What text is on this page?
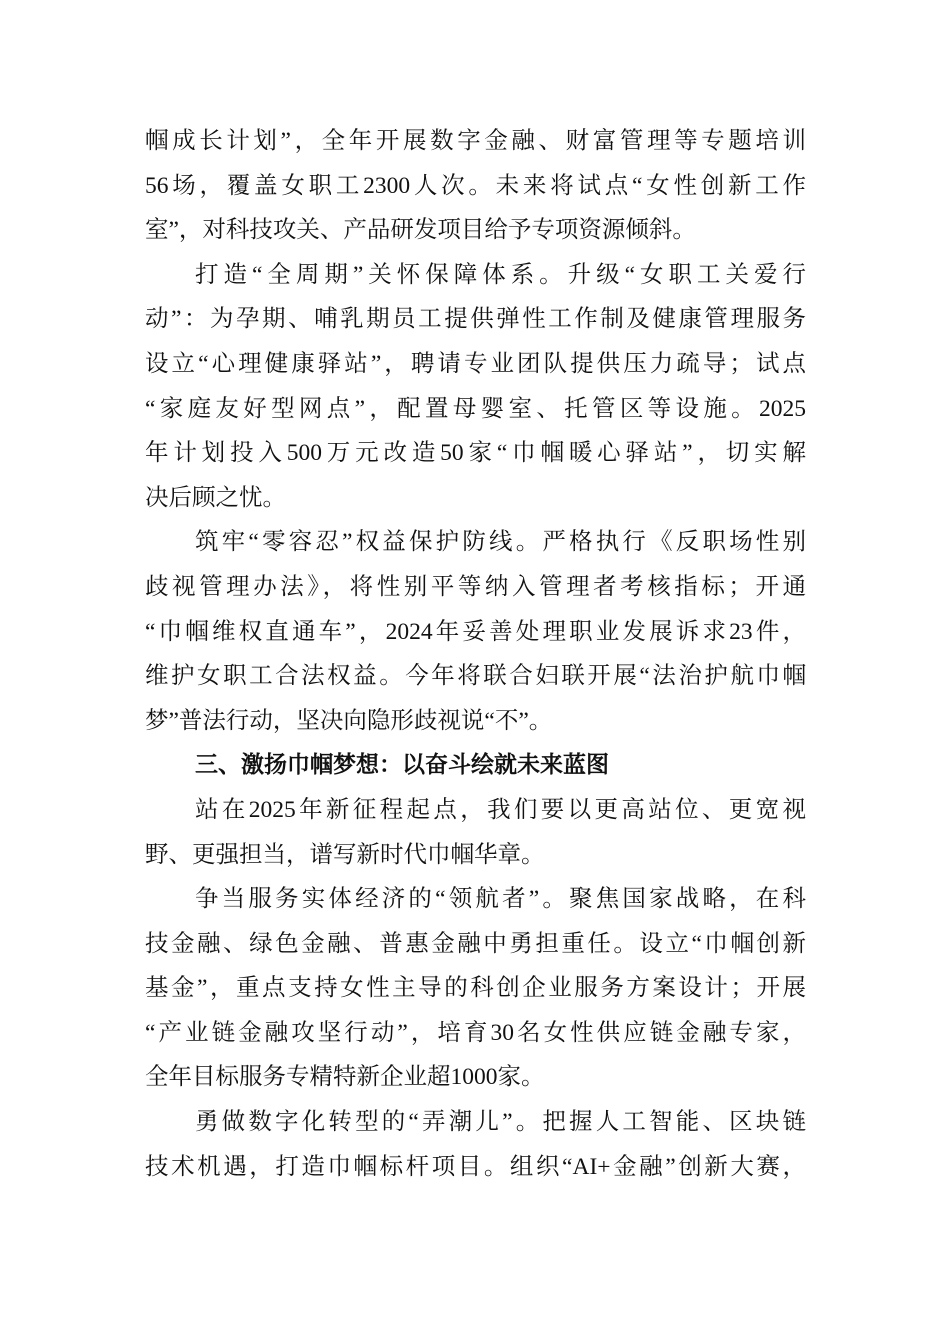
帼成长计划”，全年开展数字金融、财富管理等专题培训
56场，覆盖女职工2300人次。未来将试点“女性创新工作
室”，对科技攻关、产品研发项目给予专项资源倾斜。
打造“全周期”关怀保障体系。升级“女职工关爱行
动”：为孕期、哺乳期员工提供弹性工作制及健康管理服务
设立“心理健康驿站”，聘请专业团队提供压力疏导；试点
“家庭友好型网点”，配置母婴室、托管区等设施。2025
年计划投入500万元改造50家“巾帼暖心驿站”，切实解
决后顾之忧。
筑牢“零容忍”权益保护防线。严格执行《反职场性别
歧视管理办法》，将性别平等纳入管理者考核指标；开通
“巾帼维权直通车”，2024年妥善处理职业发展诉求23件，
维护女职工合法权益。今年将联合妇联开展“法治护航巾帼
梦”普法行动，坚决向隐形歧视说“不”。
三、激扬巾帼梦想：以奋斗绘就未来蓝图
站在2025年新征程起点，我们要以更高站位、更宽视
野、更强担当，谱写新时代巾帼华章。
争当服务实体经济的“领航者”。聚焦国家战略，在科
技金融、绿色金融、普惠金融中勇担重任。设立“巾帼创新
基金”，重点支持女性主导的科创企业服务方案设计；开展
“产业链金融攻坚行动”，培育30名女性供应链金融专家，
全年目标服务专精特新企业超1000家。
勇做数字化转型的“弄潮儿”。把握人工智能、区块链
技术机遇，打造巾帼标杆项目。组织“AI+金融”创新大赛，
